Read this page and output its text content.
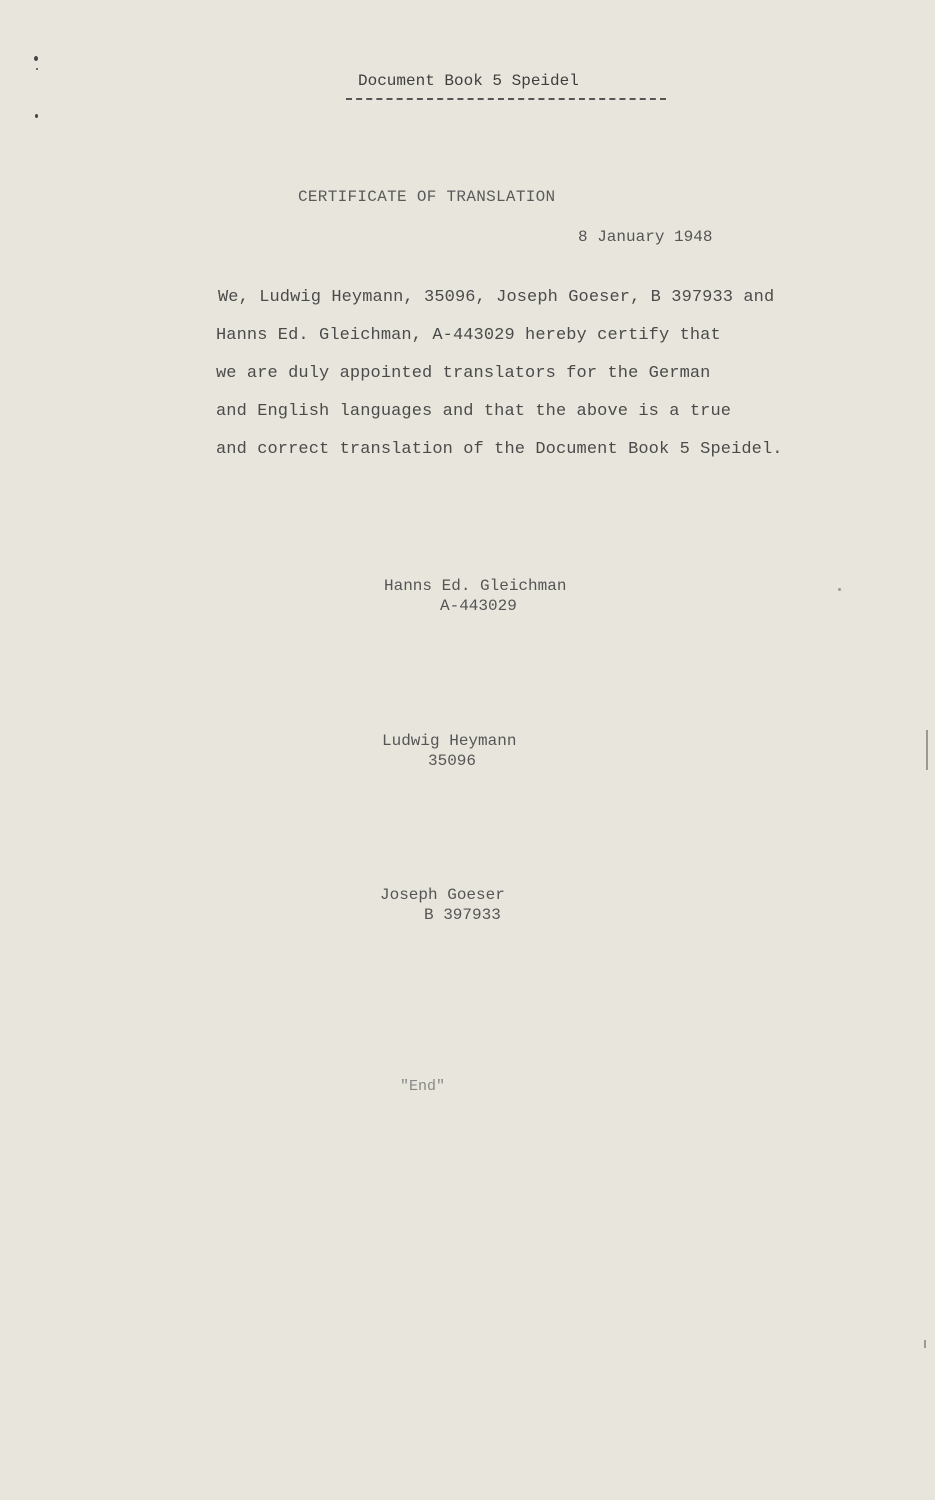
Document Book 5 Speidel

CERTIFICATE OF TRANSLATION

8 January 1948

We, Ludwig Heymann, 35096, Joseph Goeser, B 397933 and

Hanns Ed. Gleichman, A-443029 hereby certify that

we are duly appointed translators for the German

and English languages and that the above is a true

and correct translation of the Document Book 5 Speidel.

Hanns Ed. Gleichman

A-443029

Ludwig Heymann

35096

Joseph Goeser

B 397933

"End"
